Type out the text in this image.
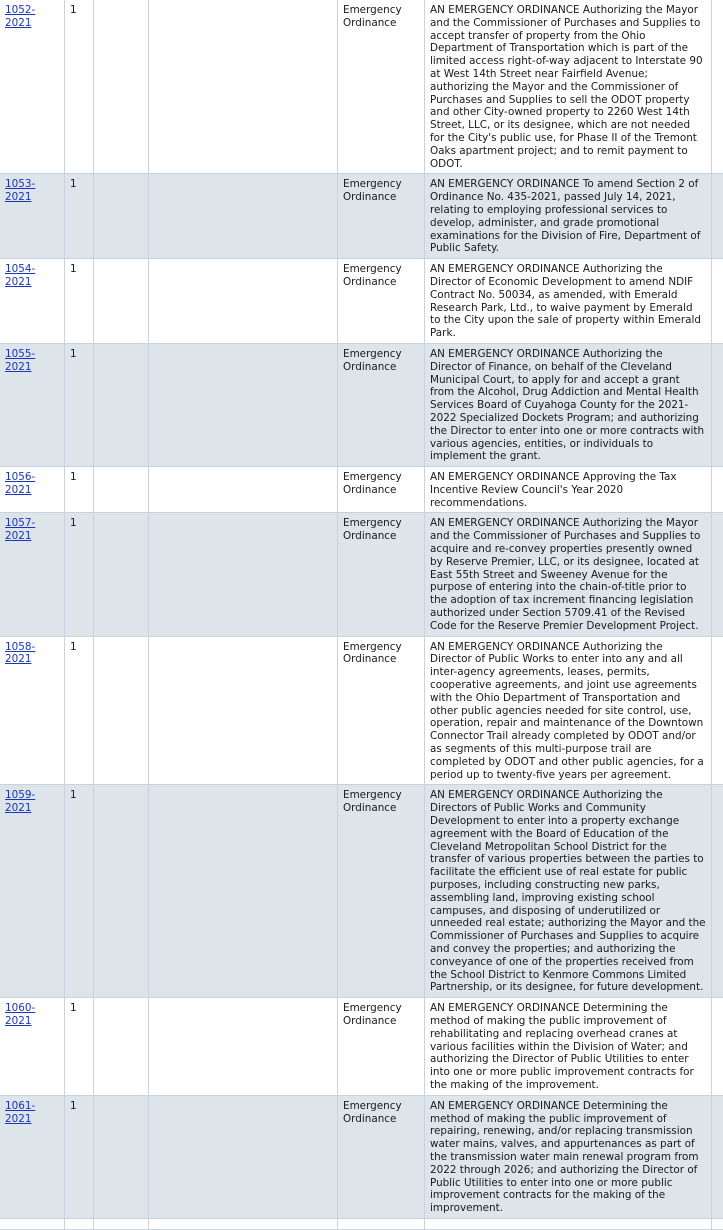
1052-2021	1			Emergency Ordinance	AN EMERGENCY ORDINANCE Authorizing the Mayor and the Commissioner of Purchases and Supplies to accept transfer of property from the Ohio Department of Transportation which is part of the limited access right-of-way adjacent to Interstate 90 at West 14th Street near Fairfield Avenue; authorizing the Mayor and the Commissioner of Purchases and Supplies to sell the ODOT property and other City-owned property to 2260 West 14th Street, LLC, or its designee, which are not needed for the City's public use, for Phase II of the Tremont Oaks apartment project; and to remit payment to ODOT.	
1053-2021	1			Emergency Ordinance	AN EMERGENCY ORDINANCE To amend Section 2 of Ordinance No. 435-2021, passed July 14, 2021, relating to employing professional services to develop, administer, and grade promotional examinations for the Division of Fire, Department of Public Safety.	
1054-2021	1			Emergency Ordinance	AN EMERGENCY ORDINANCE Authorizing the Director of Economic Development to amend NDIF Contract No. 50034, as amended, with Emerald Research Park, Ltd., to waive payment by Emerald to the City upon the sale of property within Emerald Park.	
1055-2021	1			Emergency Ordinance	AN EMERGENCY ORDINANCE Authorizing the Director of Finance, on behalf of the Cleveland Municipal Court, to apply for and accept a grant from the Alcohol, Drug Addiction and Mental Health Services Board of Cuyahoga County for the 2021-2022 Specialized Dockets Program; and authorizing the Director to enter into one or more contracts with various agencies, entities, or individuals to implement the grant.	
1056-2021	1			Emergency Ordinance	AN EMERGENCY ORDINANCE Approving the Tax Incentive Review Council's Year 2020 recommendations.	
1057-2021	1			Emergency Ordinance	AN EMERGENCY ORDINANCE Authorizing the Mayor and the Commissioner of Purchases and Supplies to acquire and re-convey properties presently owned by Reserve Premier, LLC, or its designee, located at East 55th Street and Sweeney Avenue for the purpose of entering into the chain-of-title prior to the adoption of tax increment financing legislation authorized under Section 5709.41 of the Revised Code for the Reserve Premier Development Project.	
1058-2021	1			Emergency Ordinance	AN EMERGENCY ORDINANCE Authorizing the Director of Public Works to enter into any and all inter-agency agreements, leases, permits, cooperative agreements, and joint use agreements with the Ohio Department of Transportation and other public agencies needed for site control, use, operation, repair and maintenance of the Downtown Connector Trail already completed by ODOT and/or as segments of this multi-purpose trail are completed by ODOT and other public agencies, for a period up to twenty-five years per agreement.	
1059-2021	1			Emergency Ordinance	AN EMERGENCY ORDINANCE Authorizing the Directors of Public Works and Community Development to enter into a property exchange agreement with the Board of Education of the Cleveland Metropolitan School District for the transfer of various properties between the parties to facilitate the efficient use of real estate for public purposes, including constructing new parks, assembling land, improving existing school campuses, and disposing of underutilized or unneeded real estate; authorizing the Mayor and the Commissioner of Purchases and Supplies to acquire and convey the properties; and authorizing the conveyance of one of the properties received from the School District to Kenmore Commons Limited Partnership, or its designee, for future development.	
1060-2021	1			Emergency Ordinance	AN EMERGENCY ORDINANCE Determining the method of making the public improvement of rehabilitating and replacing overhead cranes at various facilities within the Division of Water; and authorizing the Director of Public Utilities to enter into one or more public improvement contracts for the making of the improvement.	
1061-2021	1			Emergency Ordinance	AN EMERGENCY ORDINANCE Determining the method of making the public improvement of repairing, renewing, and/or replacing transmission water mains, valves, and appurtenances as part of the transmission water main renewal program from 2022 through 2026; and authorizing the Director of Public Utilities to enter into one or more public improvement contracts for the making of the improvement.	
